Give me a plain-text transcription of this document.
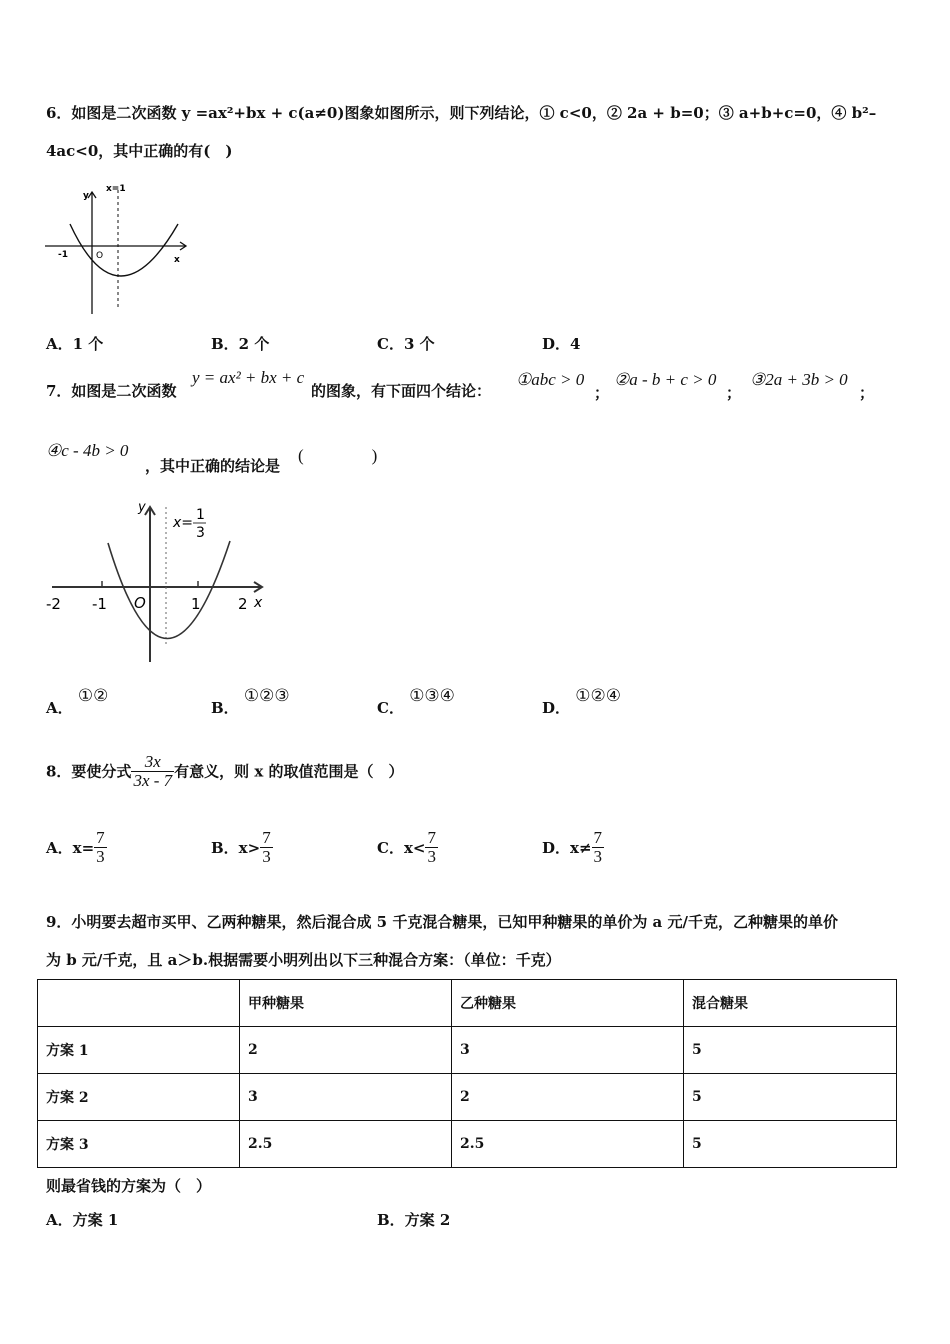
6．如图是二次函数 y =ax²+bx + c(a≠0)图象如图所示，则下列结论，① c<0，② 2a + b=0；③ a+b+c=0，④ b²–
4ac<0，其中正确的有(　)
x=1
y
x
-1	O
A．1 个	B．2 个	C．3 个	D．4
7．如图是二次函数
y = ax² + bx + c
的图象，有下面四个结论：
①abc > 0
；
②a - b + c > 0
；
③2a + 3b > 0
；
④c - 4b > 0
，其中正确的结论是
(　　　　)
x= 1
3
y
x
O
-2 -1	1 2
A． ①②
B． ①②③
C． ①③④
D． ①②④
8．要使分式 $\frac{3x}{3x - 7}$ 有意义，则 x 的取值范围是（　）
A．$x= \frac{7}{3}$	B．$x> \frac{7}{3}$	C．$x< \frac{7}{3}$	D．$x\ne \frac{7}{3}$
9．小明要去超市买甲、乙两种糖果，然后混合成 5 千克混合糖果，已知甲种糖果的单价为 a 元/千克，乙种糖果的单价
为 b 元/千克，且 a＞b.根据需要小明列出以下三种混合方案：（单位：千克）
	甲种糖果	乙种糖果	混合糖果
方案 1	2	3	5
方案 2	3	2	5
方案 3	2.5	2.5	5
则最省钱的方案为（　）
A．方案 1	B．方案 2
